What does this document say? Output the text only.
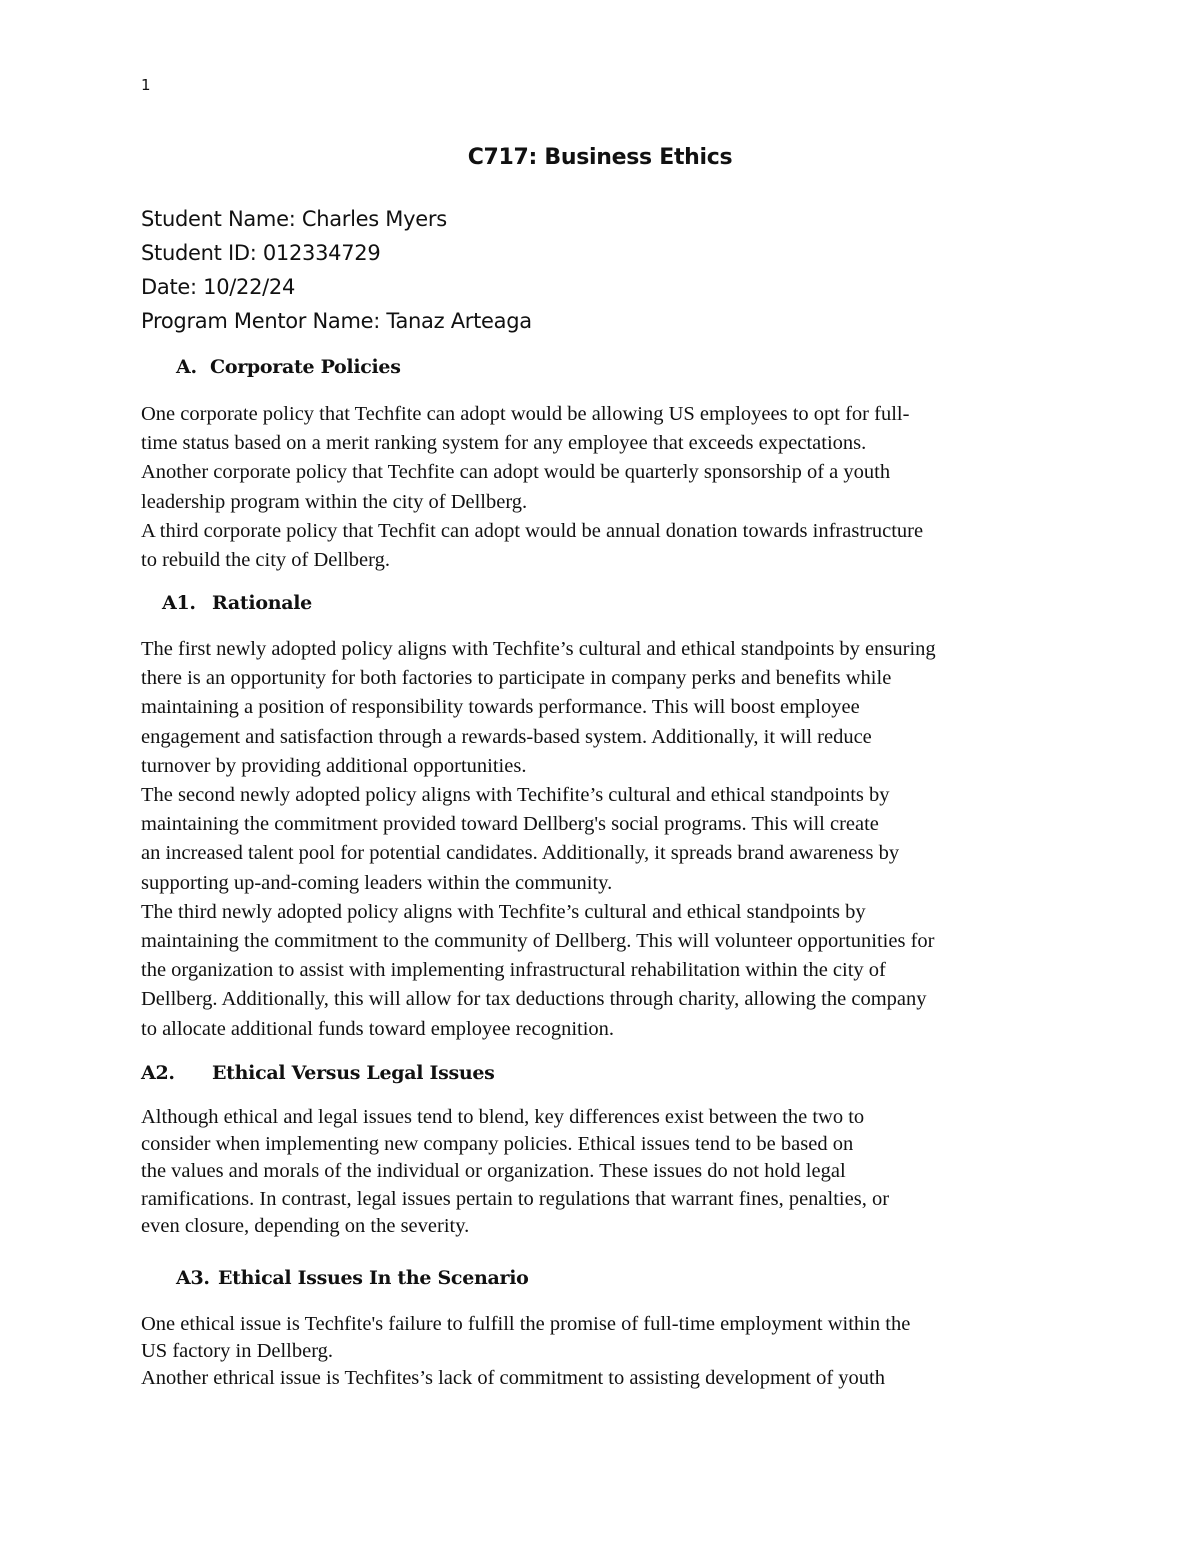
1
C717: Business Ethics
Student Name: Charles Myers
Student ID: 012334729
Date: 10/22/24
Program Mentor Name: Tanaz Arteaga
A. Corporate Policies
One corporate policy that Techfite can adopt would be allowing US employees to opt for full-
time status based on a merit ranking system for any employee that exceeds expectations.
Another corporate policy that Techfite can adopt would be quarterly sponsorship of a youth
leadership program within the city of Dellberg.
A third corporate policy that Techfit can adopt would be annual donation towards infrastructure
to rebuild the city of Dellberg.
A1. Rationale
The first newly adopted policy aligns with Techfite’s cultural and ethical standpoints by ensuring
there is an opportunity for both factories to participate in company perks and benefits while
maintaining a position of responsibility towards performance. This will boost employee
engagement and satisfaction through a rewards-based system. Additionally, it will reduce
turnover by providing additional opportunities.
The second newly adopted policy aligns with Techifite’s cultural and ethical standpoints by
maintaining the commitment provided toward Dellberg's social programs. This will create
an increased talent pool for potential candidates. Additionally, it spreads brand awareness by
supporting up-and-coming leaders within the community.
The third newly adopted policy aligns with Techfite’s cultural and ethical standpoints by
maintaining the commitment to the community of Dellberg. This will volunteer opportunities for
the organization to assist with implementing infrastructural rehabilitation within the city of
Dellberg. Additionally, this will allow for tax deductions through charity, allowing the company
to allocate additional funds toward employee recognition.
A2. Ethical Versus Legal Issues
Although ethical and legal issues tend to blend, key differences exist between the two to
consider when implementing new company policies. Ethical issues tend to be based on
the values and morals of the individual or organization. These issues do not hold legal
ramifications. In contrast, legal issues pertain to regulations that warrant fines, penalties, or
even closure, depending on the severity.
A3. Ethical Issues In the Scenario
One ethical issue is Techfite's failure to fulfill the promise of full-time employment within the
US factory in Dellberg.
Another ethrical issue is Techfites’s lack of commitment to assisting development of youth
